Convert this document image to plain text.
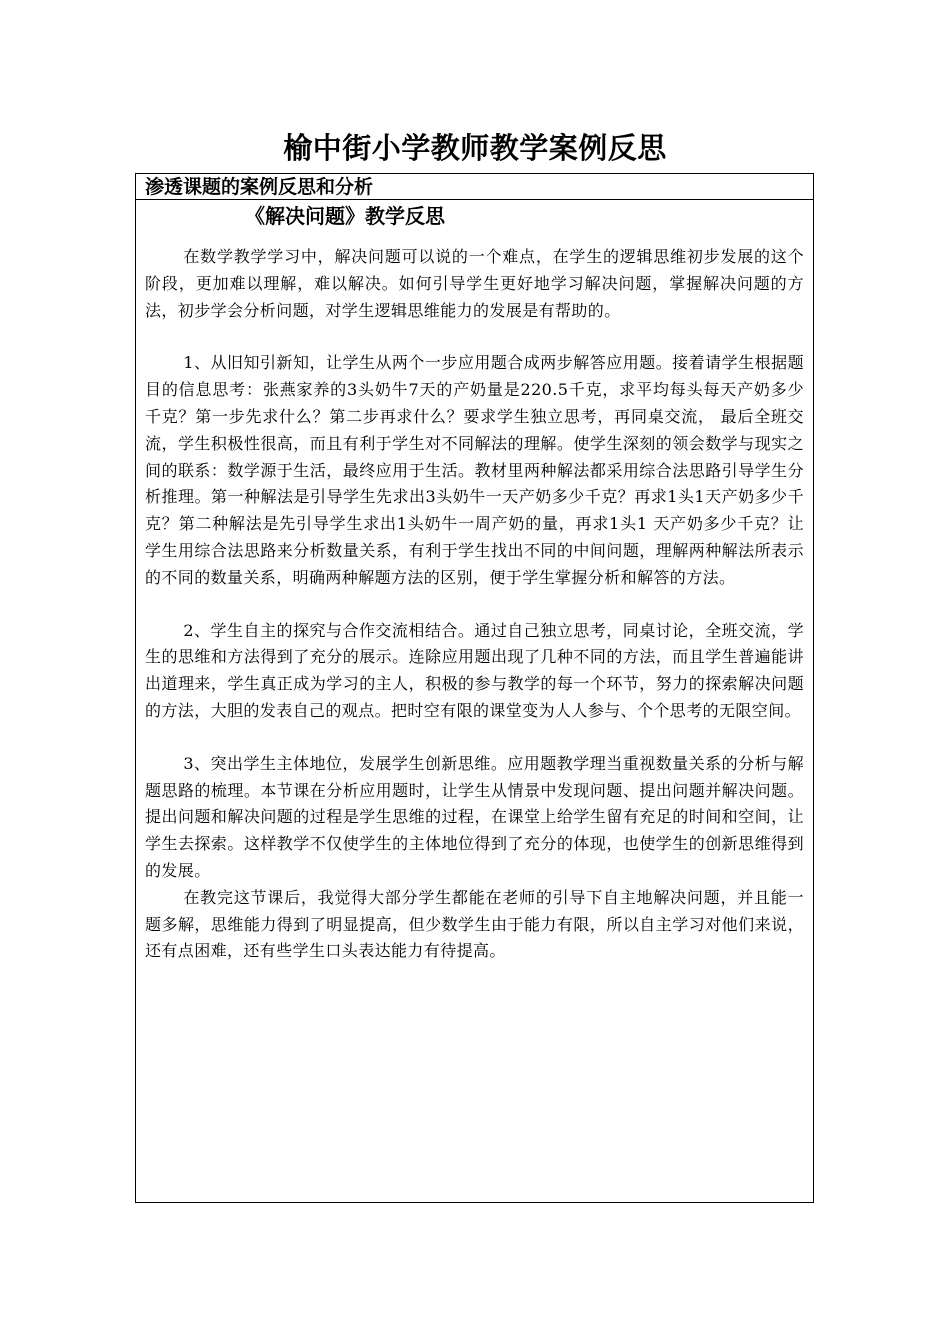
榆中街小学教师教学案例反思
渗透课题的案例反思和分析
《解决问题》教学反思

在数学教学学习中，解决问题可以说的一个难点，在学生的逻辑思维初步发展的这个阶段，更加难以理解，难以解决。如何引导学生更好地学习解决问题，掌握解决问题的方法，初步学会分析问题，对学生逻辑思维能力的发展是有帮助的。

1、从旧知引新知，让学生从两个一步应用题合成两步解答应用题。接着请学生根据题目的信息思考：张燕家养的3头奶牛7天的产奶量是220.5千克，求平均每头每天产奶多少千克？第一步先求什么？第二步再求什么？要求学生独立思考，再同桌交流， 最后全班交流，学生积极性很高，而且有利于学生对不同解法的理解。使学生深刻的领会数学与现实之间的联系：数学源于生活，最终应用于生活。教材里两种解法都采用综合法思路引导学生分析推理。第一种解法是引导学生先求出3头奶牛一天产奶多少千克？再求1头1天产奶多少千克？第二种解法是先引导学生求出1头奶牛一周产奶的量，再求1头1 天产奶多少千克？让学生用综合法思路来分析数量关系，有利于学生找出不同的中间问题，理解两种解法所表示的不同的数量关系，明确两种解题方法的区别，便于学生掌握分析和解答的方法。

2、学生自主的探究与合作交流相结合。通过自己独立思考，同桌讨论，全班交流，学生的思维和方法得到了充分的展示。连除应用题出现了几种不同的方法，而且学生普遍能讲出道理来，学生真正成为学习的主人，积极的参与教学的每一个环节，努力的探索解决问题的方法，大胆的发表自己的观点。把时空有限的课堂变为人人参与、个个思考的无限空间。

3、突出学生主体地位，发展学生创新思维。应用题教学理当重视数量关系的分析与解题思路的梳理。本节课在分析应用题时，让学生从情景中发现问题、提出问题并解决问题。提出问题和解决问题的过程是学生思维的过程，在课堂上给学生留有充足的时间和空间，让学生去探索。这样教学不仅使学生的主体地位得到了充分的体现，也使学生的创新思维得到的发展。

在教完这节课后，我觉得大部分学生都能在老师的引导下自主地解决问题，并且能一题多解，思维能力得到了明显提高，但少数学生由于能力有限，所以自主学习对他们来说，还有点困难，还有些学生口头表达能力有待提高。
